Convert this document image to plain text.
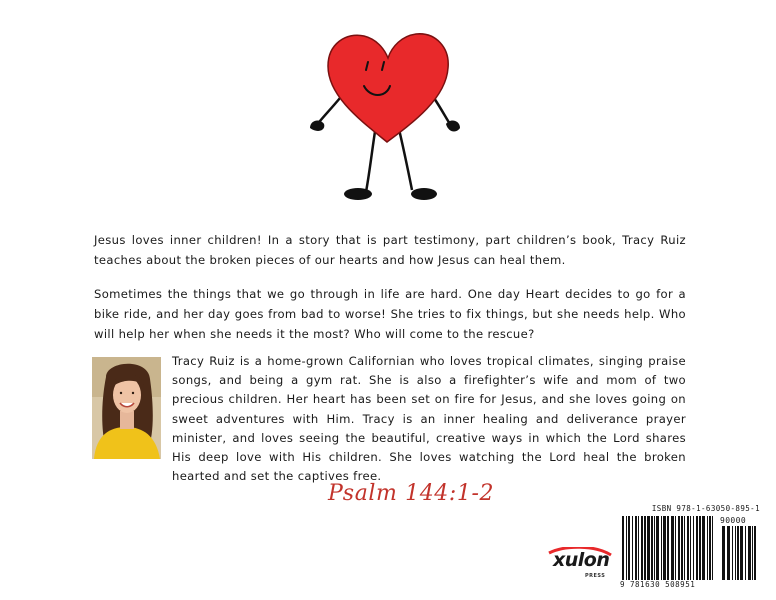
Jesus loves inner children! In a story that is part testimony, part children’s book, Tracy Ruiz teaches about the broken pieces of our hearts and how Jesus can heal them.

Sometimes the things that we go through in life are hard. One day Heart decides to go for a bike ride, and her day goes from bad to worse! She tries to fix things, but she needs help. Who will help her when she needs it the most? Who will come to the rescue?

Tracy Ruiz is a home-grown Californian who loves tropical climates, singing praise songs, and being a gym rat. She is also a firefighter’s wife and mom of two precious children. Her heart has been set on fire for Jesus, and she loves going on sweet adventures with Him. Tracy is an inner healing and deliverance prayer minister, and loves seeing the beautiful, creative ways in which the Lord shares His deep love with His children. She loves watching the Lord heal the broken hearted and set the captives free.

Psalm 144:1-2
xulon
PRESS
ISBN 978-1-63050-895-1
90000
9 781630 508951
